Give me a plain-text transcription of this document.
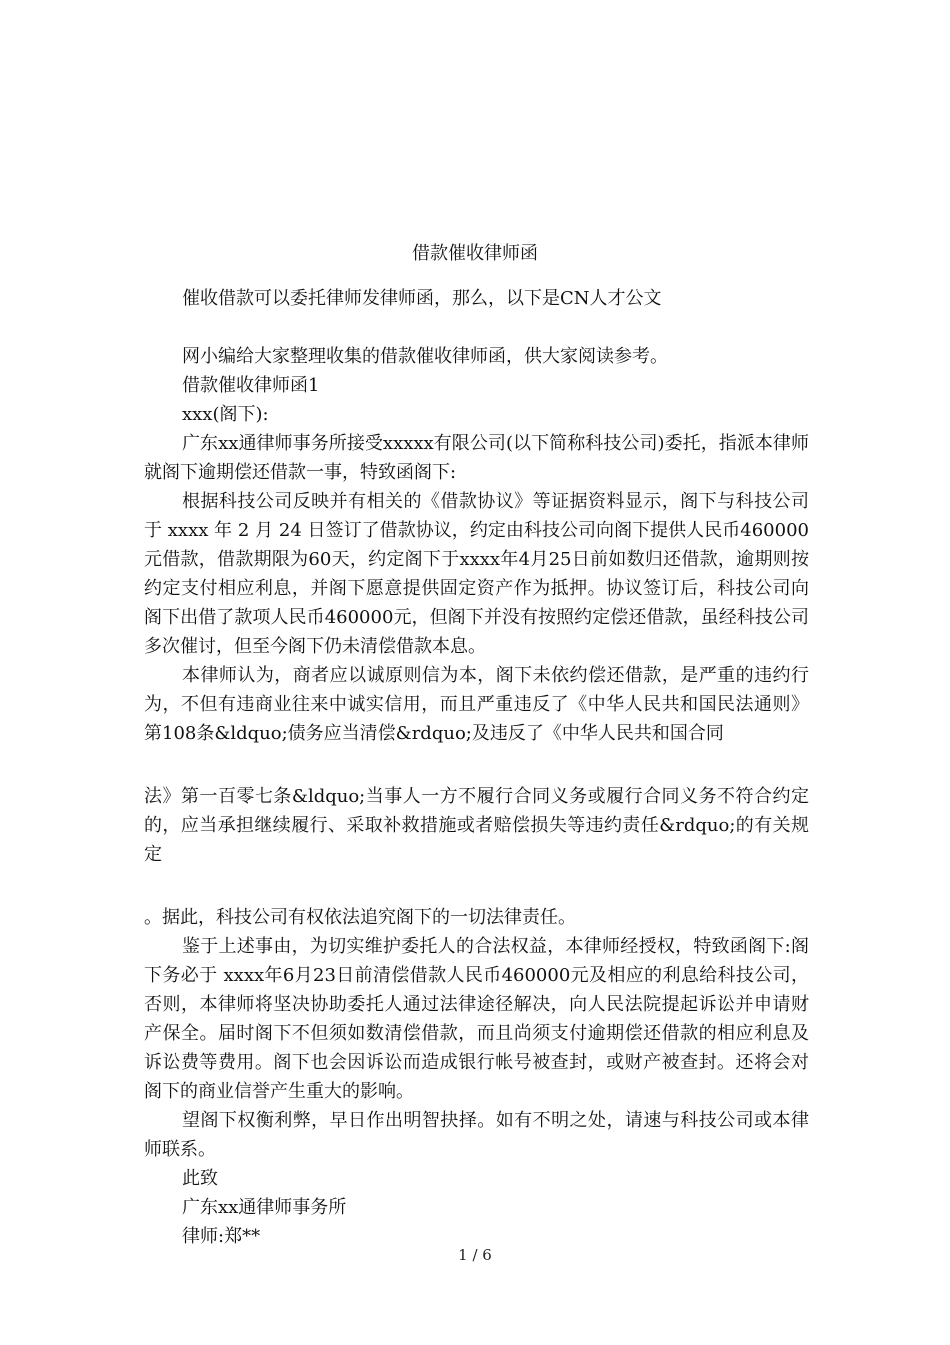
借款催收律师函

催收借款可以委托律师发律师函，那么，以下是CN人才公文

网小编给大家整理收集的借款催收律师函，供大家阅读参考。

借款催收律师函1

xxx(阁下):

广东xx通律师事务所接受xxxxx有限公司(以下简称科技公司)委托，指派本律师就阁下逾期偿还借款一事，特致函阁下:

根据科技公司反映并有相关的《借款协议》等证据资料显示，阁下与科技公司于 xxxx 年 2 月 24 日签订了借款协议，约定由科技公司向阁下提供人民币460000元借款，借款期限为60天，约定阁下于xxxx年4月25日前如数归还借款，逾期则按约定支付相应利息，并阁下愿意提供固定资产作为抵押。协议签订后，科技公司向阁下出借了款项人民币460000元，但阁下并没有按照约定偿还借款，虽经科技公司多次催讨，但至今阁下仍未清偿借款本息。

本律师认为，商者应以诚原则信为本，阁下未依约偿还借款，是严重的违约行为，不但有违商业往来中诚实信用，而且严重违反了《中华人民共和国民法通则》第108条&ldquo;债务应当清偿&rdquo;及违反了《中华人民共和国合同

法》第一百零七条&ldquo;当事人一方不履行合同义务或履行合同义务不符合约定的，应当承担继续履行、采取补救措施或者赔偿损失等违约责任&rdquo;的有关规定

。据此，科技公司有权依法追究阁下的一切法律责任。

鉴于上述事由，为切实维护委托人的合法权益，本律师经授权，特致函阁下:阁下务必于 xxxx年6月23日前清偿借款人民币460000元及相应的利息给科技公司，否则，本律师将坚决协助委托人通过法律途径解决，向人民法院提起诉讼并申请财产保全。届时阁下不但须如数清偿借款，而且尚须支付逾期偿还借款的相应利息及诉讼费等费用。阁下也会因诉讼而造成银行帐号被查封，或财产被查封。还将会对阁下的商业信誉产生重大的影响。

望阁下权衡利弊，早日作出明智抉择。如有不明之处，请速与科技公司或本律师联系。

此致

广东xx通律师事务所

律师:郑**

1 / 6
